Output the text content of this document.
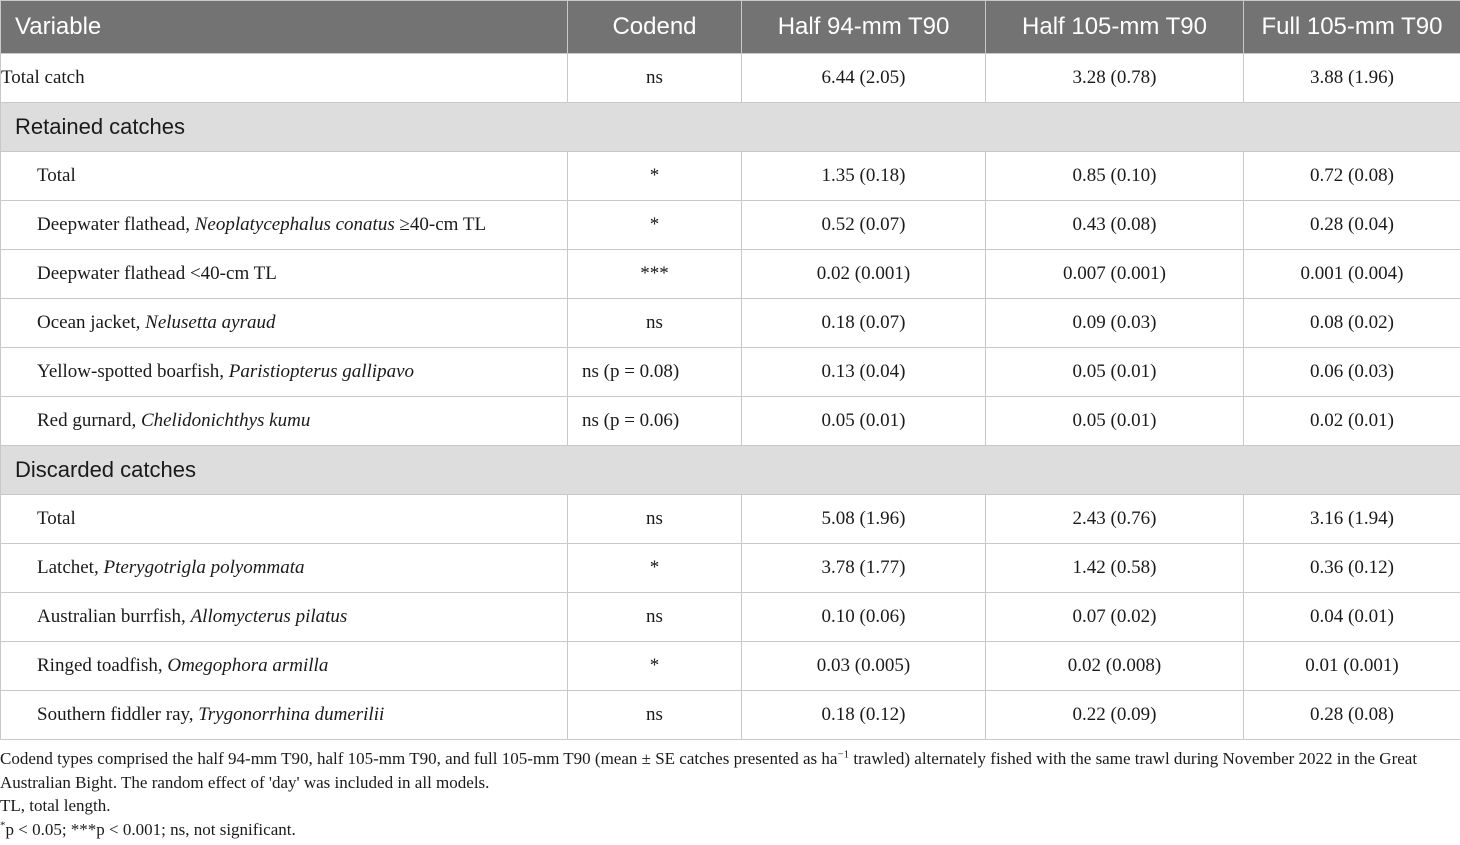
Variable	Codend	Half 94-mm T90	Half 105-mm T90	Full 105-mm T90
Total catch	ns	6.44 (2.05)	3.28 (0.78)	3.88 (1.96)
Retained catches				
Total	*	1.35 (0.18)	0.85 (0.10)	0.72 (0.08)
Deepwater flathead, Neoplatycephalus conatus ≥40-cm TL	*	0.52 (0.07)	0.43 (0.08)	0.28 (0.04)
Deepwater flathead <40-cm TL	***	0.02 (0.001)	0.007 (0.001)	0.001 (0.004)
Ocean jacket, Nelusetta ayraud	ns	0.18 (0.07)	0.09 (0.03)	0.08 (0.02)
Yellow-spotted boarfish, Paristiopterus gallipavo	ns (p = 0.08)	0.13 (0.04)	0.05 (0.01)	0.06 (0.03)
Red gurnard, Chelidonichthys kumu	ns (p = 0.06)	0.05 (0.01)	0.05 (0.01)	0.02 (0.01)
Discarded catches				
Total	ns	5.08 (1.96)	2.43 (0.76)	3.16 (1.94)
Latchet, Pterygotrigla polyommata	*	3.78 (1.77)	1.42 (0.58)	0.36 (0.12)
Australian burrfish, Allomycterus pilatus	ns	0.10 (0.06)	0.07 (0.02)	0.04 (0.01)
Ringed toadfish, Omegophora armilla	*	0.03 (0.005)	0.02 (0.008)	0.01 (0.001)
Southern fiddler ray, Trygonorrhina dumerilii	ns	0.18 (0.12)	0.22 (0.09)	0.28 (0.08)

Codend types comprised the half 94-mm T90, half 105-mm T90, and full 105-mm T90 (mean ± SE catches presented as $ha^{-1}$ trawled) alternately fished with the same trawl during November 2022 in the Great Australian Bight. The random effect of 'day' was included in all models.

TL, total length.

*p < 0.05; ***p < 0.001; ns, not significant.
